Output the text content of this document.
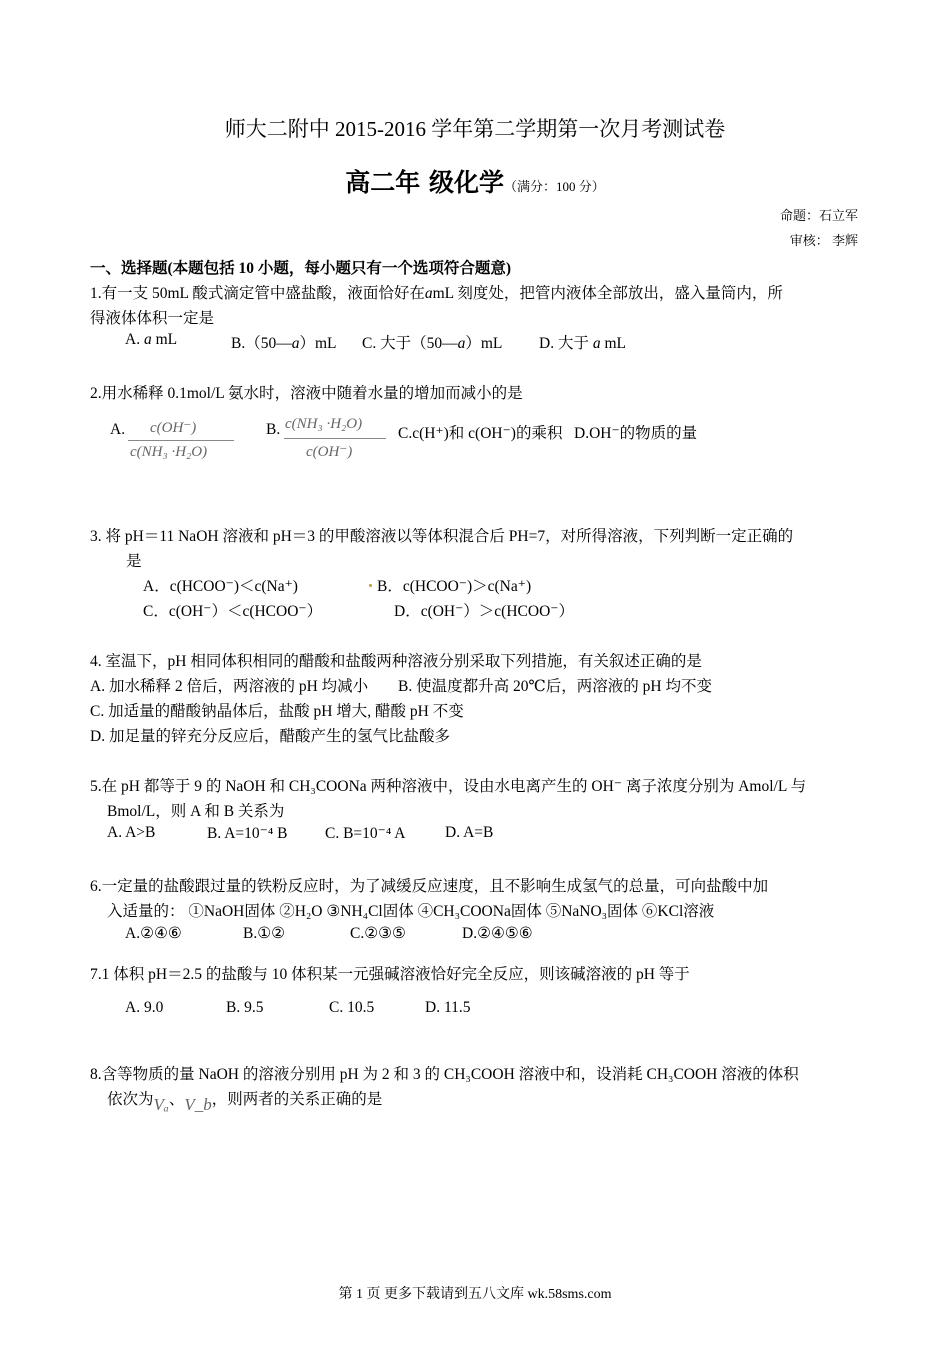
师大二附中 2015-2016 学年第二学期第一次月考测试卷
高二年 级化学（满分：100 分）
命题：石立军
审核： 李辉
一、选择题(本题包括 10 小题，每小题只有一个选项符合题意)
1.有一支 50mL 酸式滴定管中盛盐酸，液面恰好在amL 刻度处，把管内液体全部放出，盛入量筒内，所
得液体体积一定是
A. a mL	B.（50—a）mL C. 大于（50—a）mL D. 大于 a mL
2.用水稀释 0.1mol/L 氨水时，溶液中随着水量的增加而减小的是
A. c(OH⁻)
c(NH₃ ·H₂O)
B. c(NH₃ ·H₂O)
c(OH⁻)
C.c(H⁺)和 c(OH⁻)的乘积 D.OH⁻的物质的量
3. 将 pH＝11 NaOH 溶液和 pH＝3 的甲酸溶液以等体积混合后 PH=7，对所得溶液，下列判断一定正确的
是
A．c(HCOO⁻)＜c(Na⁺)	B．c(HCOO⁻)＞c(Na⁺)
C．c(OH⁻）＜c(HCOO⁻）	D．c(OH⁻）＞c(HCOO⁻）
4. 室温下，pH 相同体积相同的醋酸和盐酸两种溶液分别采取下列措施，有关叙述正确的是
A. 加水稀释 2 倍后，两溶液的 pH 均减小 B. 使温度都升高 20℃后，两溶液的 pH 均不变
C. 加适量的醋酸钠晶体后，盐酸 pH 增大, 醋酸 pH 不变
D. 加足量的锌充分反应后，醋酸产生的氢气比盐酸多
5.在 pH 都等于 9 的 NaOH 和 CH₃COONa 两种溶液中，设由水电离产生的 OH⁻ 离子浓度分别为 Amol/L 与
Bmol/L，则 A 和 B 关系为
A. A>B	B. A=10⁻⁴ B C. B=10⁻⁴ A	D. A=B
6.一定量的盐酸跟过量的铁粉反应时，为了减缓反应速度，且不影响生成氢气的总量，可向盐酸中加
入适量的： ①NaOH固体 ②H₂O ③NH₄Cl固体 ④CH₃COONa固体 ⑤NaNO₃固体 ⑥KCl溶液
A.②④⑥	B.①②	C.②③⑤	D.②④⑤⑥
7.1 体积 pH＝2.5 的盐酸与 10 体积某一元强碱溶液恰好完全反应，则该碱溶液的 pH 等于
A. 9.0	B. 9.5	C. 10.5	D. 11.5
8.含等物质的量 NaOH 的溶液分别用 pH 为 2 和 3 的 CH₃COOH 溶液中和，设消耗 CH₃COOH 溶液的体积
依次为Vₐ、V_b，则两者的关系正确的是
第 1 页 更多下载请到五八文库 wk.58sms.com
